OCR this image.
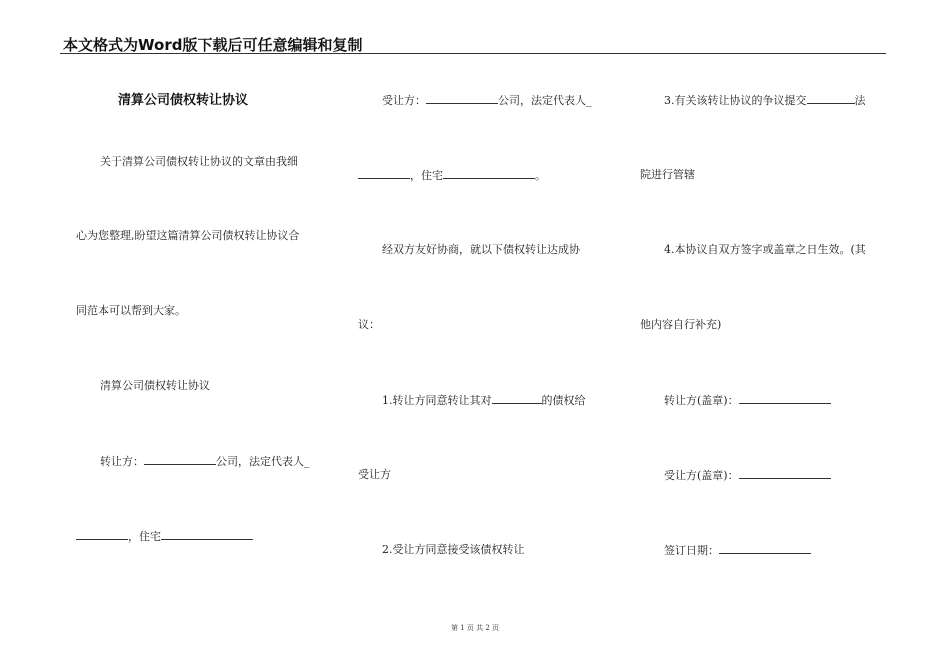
本文格式为Word版下载后可任意编辑和复制
清算公司债权转让协议
关于清算公司债权转让协议的文章由我细
心为您整理,盼望这篇清算公司债权转让协议合
同范本可以帮到大家。
清算公司债权转让协议
转让方：	公司，法定代表人_
，住宅
受让方：	公司，法定代表人_
，住宅	。
经双方友好协商，就以下债权转让达成协
议：
1.转让方同意转让其对	的债权给
受让方
2.受让方同意接受该债权转让
3.有关该转让协议的争议提交	法
院进行管辖
4.本协议自双方签字或盖章之日生效。(其
他内容自行补充)
转让方(盖章)：
受让方(盖章)：
签订日期：
第 1 页 共 2 页
